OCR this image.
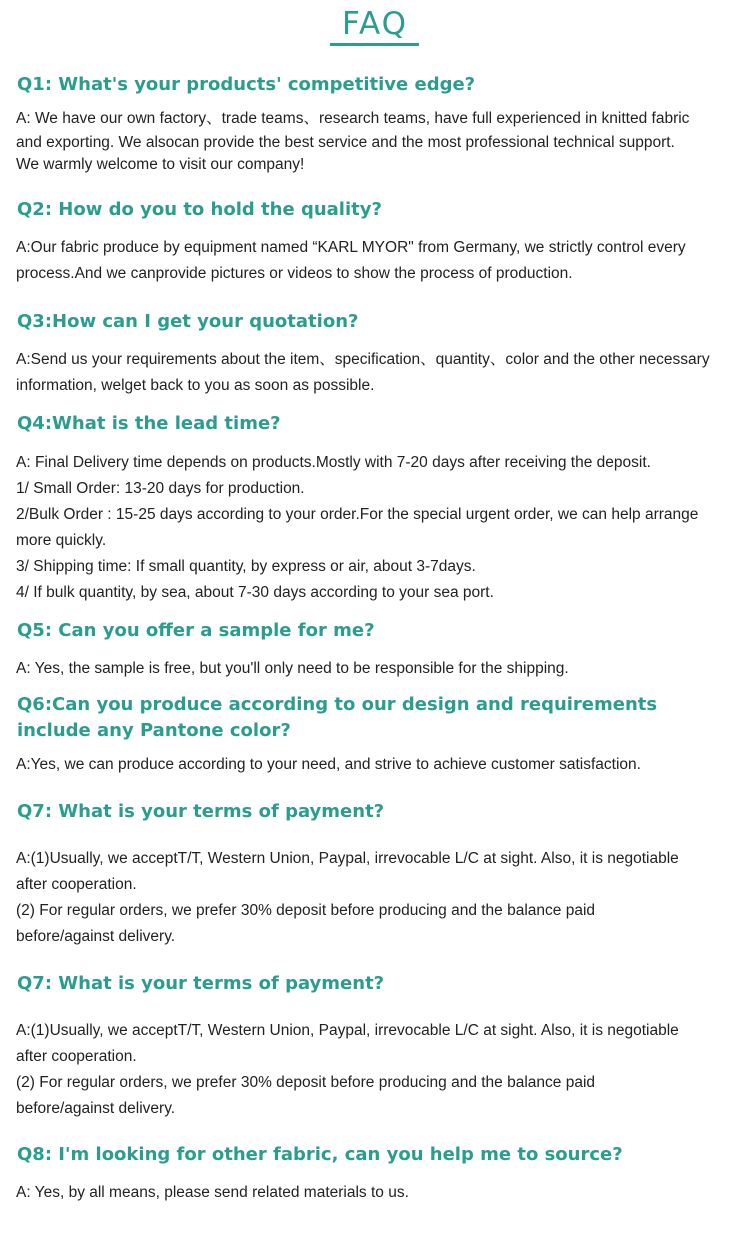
FAQ
Q1: What's your products' competitive edge?

A: We have our own factory、trade teams、research teams, have full experienced in knitted fabric

and exporting. We alsocan provide the best service and the most professional technical support.

We warmly welcome to visit our company!

Q2: How do you to hold the quality?

A:Our fabric produce by equipment named “KARL MYOR" from Germany, we strictly control every

process.And we canprovide pictures or videos to show the process of production.

Q3:How can I get your quotation?

A:Send us your requirements about the item、specification、quantity、color and the other necessary

information, welget back to you as soon as possible.

Q4:What is the lead time?

A: Final Delivery time depends on products.Mostly with 7-20 days after receiving the deposit.

1/ Small Order: 13-20 days for production.

2/Bulk Order : 15-25 days according to your order.For the special urgent order, we can help arrange

more quickly.

3/ Shipping time: If small quantity, by express or air, about 3-7days.

4/ If bulk quantity, by sea, about 7-30 days according to your sea port.

Q5: Can you offer a sample for me?

A: Yes, the sample is free, but you'll only need to be responsible for the shipping.

Q6:Can you produce according to our design and requirements include any Pantone color?

A:Yes, we can produce according to your need, and strive to achieve customer satisfaction.

Q7: What is your terms of payment?

A:(1)Usually, we acceptT/T, Western Union, Paypal, irrevocable L/C at sight. Also, it is negotiable

after cooperation.

(2) For regular orders, we prefer 30% deposit before producing and the balance paid

before/against delivery.

Q7: What is your terms of payment?

A:(1)Usually, we acceptT/T, Western Union, Paypal, irrevocable L/C at sight. Also, it is negotiable

after cooperation.

(2) For regular orders, we prefer 30% deposit before producing and the balance paid

before/against delivery.

Q8: I'm looking for other fabric, can you help me to source?

A: Yes, by all means, please send related materials to us.
